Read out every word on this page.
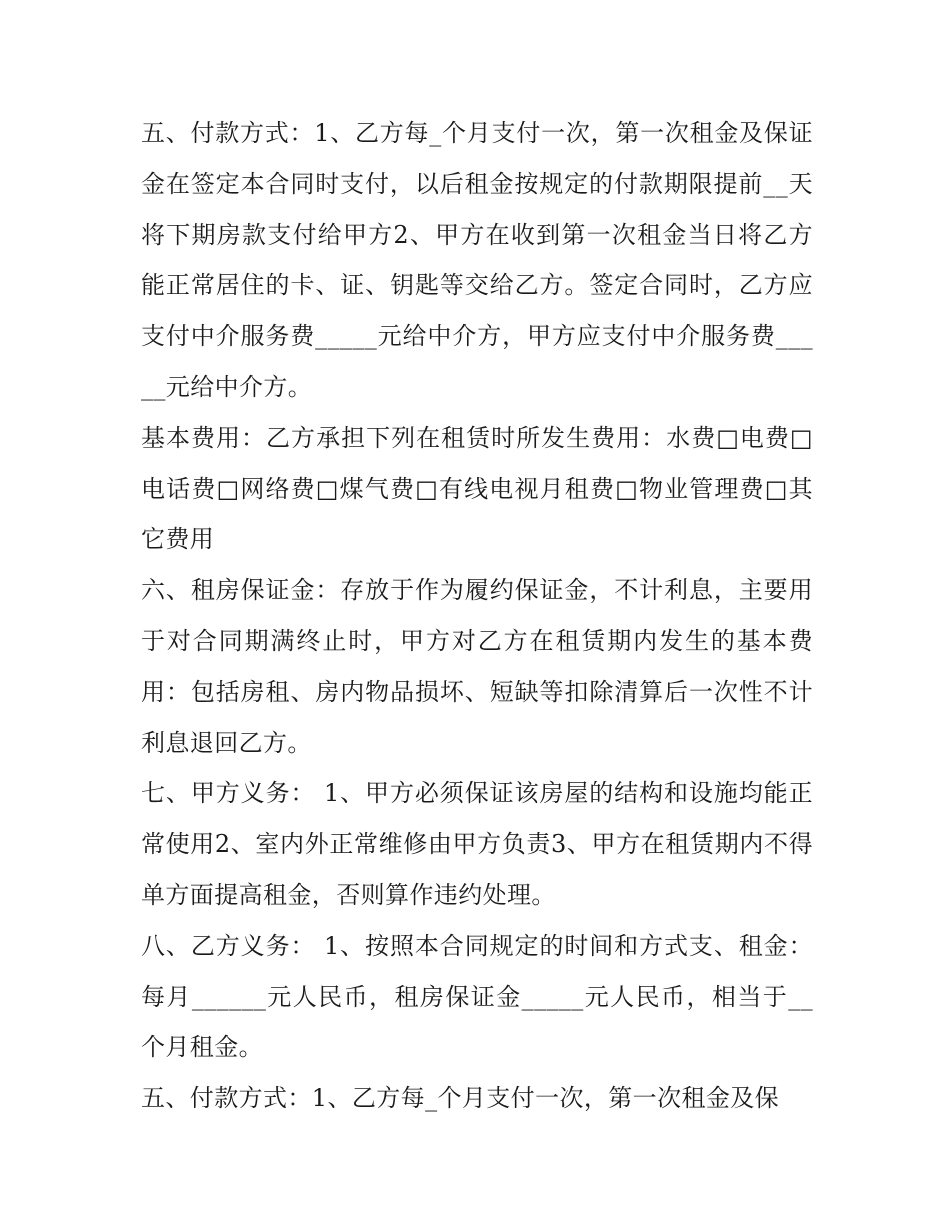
五、付款方式：1、乙方每_个月支付一次，第一次租金及保证金在签定本合同时支付，以后租金按规定的付款期限提前__天将下期房款支付给甲方2、甲方在收到第一次租金当日将乙方能正常居住的卡、证、钥匙等交给乙方。签定合同时，乙方应支付中介服务费_____元给中介方，甲方应支付中介服务费_____元给中介方。

基本费用：乙方承担下列在租赁时所发生费用：水费□电费□电话费□网络费□煤气费□有线电视月租费□物业管理费□其它费用

六、租房保证金：存放于作为履约保证金，不计利息，主要用于对合同期满终止时，甲方对乙方在租赁期内发生的基本费用：包括房租、房内物品损坏、短缺等扣除清算后一次性不计利息退回乙方。

七、甲方义务： 1、甲方必须保证该房屋的结构和设施均能正常使用2、室内外正常维修由甲方负责3、甲方在租赁期内不得单方面提高租金，否则算作违约处理。

八、乙方义务： 1、按照本合同规定的时间和方式支、租金：每月______元人民币，租房保证金_____元人民币，相当于__个月租金。

五、付款方式：1、乙方每_个月支付一次，第一次租金及保
